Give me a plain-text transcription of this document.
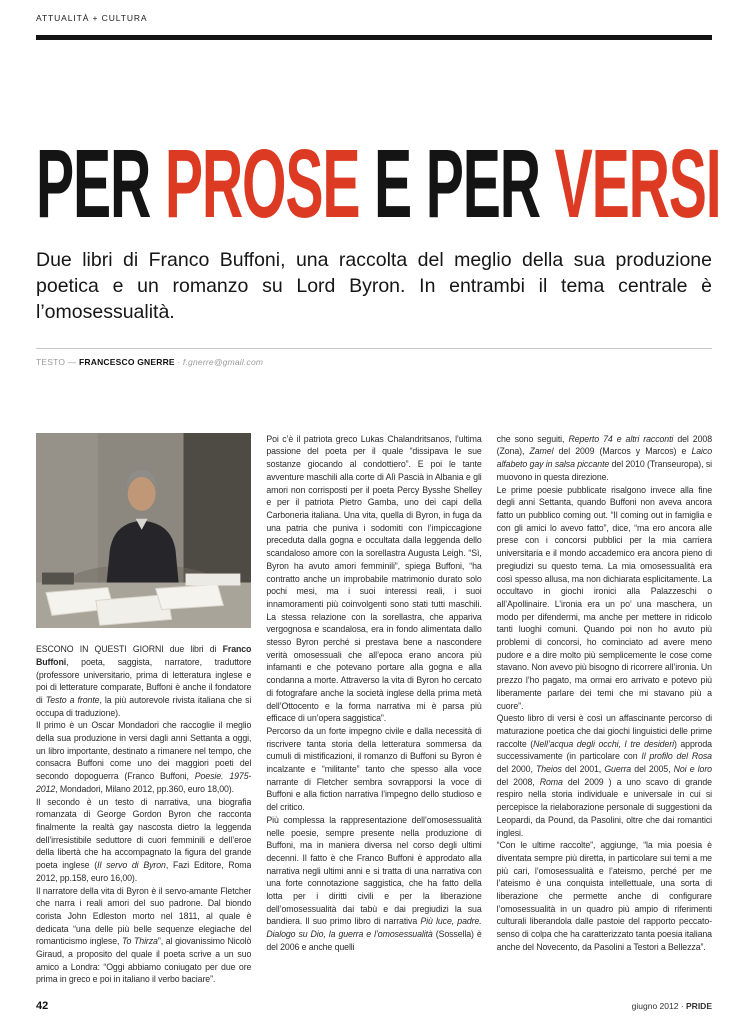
ATTUALITÀ + CULTURA
PER PROSE E PER VERSI

Due libri di Franco Buffoni, una raccolta del meglio della sua produzione poetica e un romanzo su Lord Byron. In entrambi il tema centrale è l’omosessualità.

TESTO — FRANCESCO GNERRE · f.gnerre@gmail.com

ESCONO IN QUESTI GIORNI due libri di Franco Buffoni, poeta, saggista, narratore, traduttore (professore universitario, prima di letteratura inglese e poi di letterature comparate, Buffoni è anche il fondatore di Testo a fronte, la più autorevole rivista italiana che si occupa di traduzione).

Il primo è un Oscar Mondadori che raccoglie il meglio della sua produzione in versi dagli anni Settanta a oggi, un libro importante, destinato a rimanere nel tempo, che consacra Buffoni come uno dei maggiori poeti del secondo dopoguerra (Franco Buffoni, Poesie. 1975-2012, Mondadori, Milano 2012, pp.360, euro 18,00).

Il secondo è un testo di narrativa, una biografia romanzata di George Gordon Byron che racconta finalmente la realtà gay nascosta dietro la leggenda dell’irresistibile seduttore di cuori femminili e dell’eroe della libertà che ha accompagnato la figura del grande poeta inglese (Il servo di Byron, Fazi Editore, Roma 2012, pp.158, euro 16,00).

Il narratore della vita di Byron è il servo-amante Fletcher che narra i reali amori del suo padrone. Dal biondo corista John Edleston morto nel 1811, al quale è dedicata “una delle più belle sequenze elegiache del romanticismo inglese, To Thirza”, al giovanissimo Nicolò Giraud, a proposito del quale il poeta scrive a un suo amico a Londra: “Oggi abbiamo coniugato per due ore prima in greco e poi in italiano il verbo baciare”.

Poi c’è il patriota greco Lukas Chalandritsanos, l’ultima passione del poeta per il quale “dissipava le sue sostanze giocando al condottiero”. E poi le tante avventure maschili alla corte di Alì Pascià in Albania e gli amori non corrisposti per il poeta Percy Bysshe Shelley e per il patriota Pietro Gamba, uno dei capi della Carboneria italiana. Una vita, quella di Byron, in fuga da una patria che puniva i sodomiti con l’impiccagione preceduta dalla gogna e occultata dalla leggenda dello scandaloso amore con la sorellastra Augusta Leigh. “Sì, Byron ha avuto amori femminili”, spiega Buffoni, “ha contratto anche un improbabile matrimonio durato solo pochi mesi, ma i suoi interessi reali, i suoi innamoramenti più coinvolgenti sono stati tutti maschili. La stessa relazione con la sorellastra, che appariva vergognosa e scandalosa, era in fondo alimentata dallo stesso Byron perché si prestava bene a nascondere verità omosessuali che all’epoca erano ancora più infamanti e che potevano portare alla gogna e alla condanna a morte. Attraverso la vita di Byron ho cercato di fotografare anche la società inglese della prima metà dell’Ottocento e la forma narrativa mi è parsa più efficace di un’opera saggistica”.

Percorso da un forte impegno civile e dalla necessità di riscrivere tanta storia della letteratura sommersa da cumuli di mistificazioni, il romanzo di Buffoni su Byron è incalzante e “militante” tanto che spesso alla voce narrante di Fletcher sembra sovrapporsi la voce di Buffoni e alla fiction narrativa l’impegno dello studioso e del critico.

Più complessa la rappresentazione dell’omosessualità nelle poesie, sempre presente nella produzione di Buffoni, ma in maniera diversa nel corso degli ultimi decenni. Il fatto è che Franco Buffoni è approdato alla narrativa negli ultimi anni e si tratta di una narrativa con una forte connotazione saggistica, che ha fatto della lotta per i diritti civili e per la liberazione dell’omosessualità dai tabù e dai pregiudizi la sua bandiera. Il suo primo libro di narrativa Più luce, padre. Dialogo su Dio, la guerra e l’omosessualità (Sossella) è del 2006 e anche quelli

che sono seguiti, Reperto 74 e altri racconti del 2008 (Zona), Zamel del 2009 (Marcos y Marcos) e Laico alfabeto gay in salsa piccante del 2010 (Transeuropa), si muovono in questa direzione.

Le prime poesie pubblicate risalgono invece alla fine degli anni Settanta, quando Buffoni non aveva ancora fatto un pubblico coming out. “Il coming out in famiglia e con gli amici lo avevo fatto”, dice, “ma ero ancora alle prese con i concorsi pubblici per la mia carriera universitaria e il mondo accademico era ancora pieno di pregiudizi su questo tema. La mia omosessualità era così spesso allusa, ma non dichiarata esplicitamente. La occultavo in giochi ironici alla Palazzeschi o all’Apollinaire. L’ironia era un po’ una maschera, un modo per difendermi, ma anche per mettere in ridicolo tanti luoghi comuni. Quando poi non ho avuto più problemi di concorsi, ho cominciato ad avere meno pudore e a dire molto più semplicemente le cose come stavano. Non avevo più bisogno di ricorrere all’ironia. Un prezzo l’ho pagato, ma ormai ero arrivato e potevo più liberamente parlare dei temi che mi stavano più a cuore”.

Questo libro di versi è così un affascinante percorso di maturazione poetica che dai giochi linguistici delle prime raccolte (Nell’acqua degli occhi, I tre desideri) approda successivamente (in particolare con Il profilo del Rosa del 2000, Theios del 2001, Guerra del 2005, Noi e loro del 2008, Roma del 2009 ) a uno scavo di grande respiro nella storia individuale e universale in cui si percepisce la rielaborazione personale di suggestioni da Leopardi, da Pound, da Pasolini, oltre che dai romantici inglesi.

“Con le ultime raccolte”, aggiunge, “la mia poesia è diventata sempre più diretta, in particolare sui temi a me più cari, l’omosessualità e l’ateismo, perché per me l’ateismo è una conquista intellettuale, una sorta di liberazione che permette anche di configurare l’omosessualità in un quadro più ampio di riferimenti culturali liberandola dalle pastoie del rapporto peccato-senso di colpa che ha caratterizzato tanta poesia italiana anche del Novecento, da Pasolini a Testori a Bellezza”.

42	giugno 2012 · PRIDE
